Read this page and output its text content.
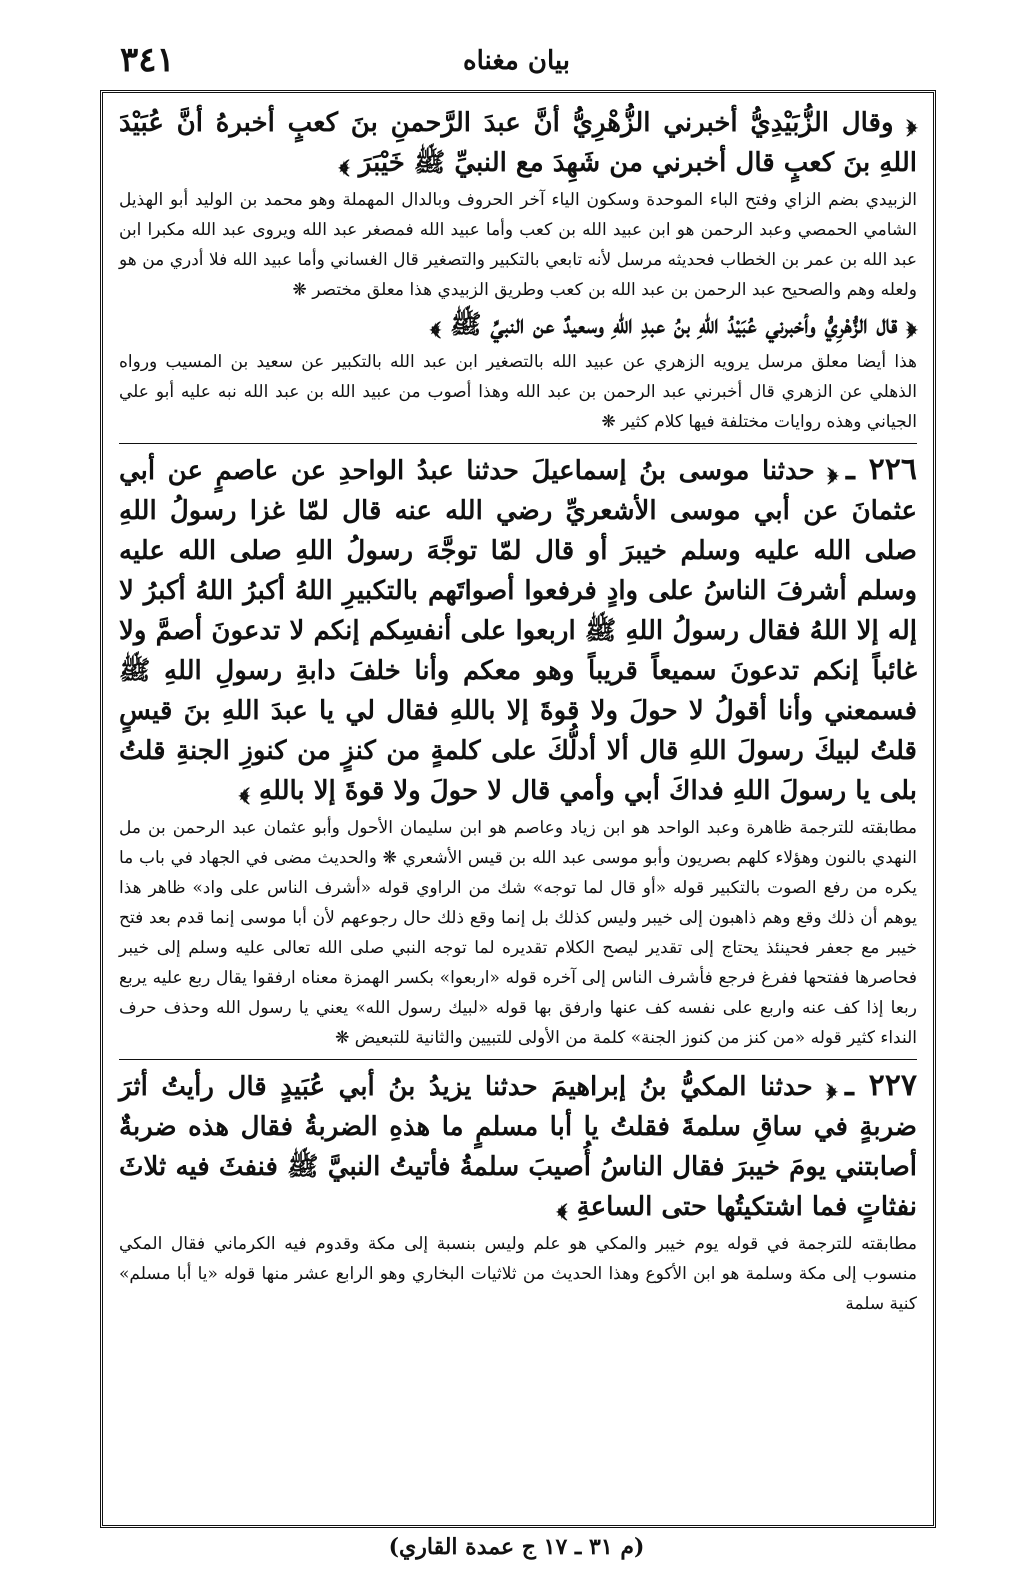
٣٤١	بيان مغناه

﴿ وقال الزُّبَيْدِيُّ أخبرني الزُّهْرِيُّ أنَّ عبدَ الرَّحمنِ بنَ كعبٍ أخبرهُ أنَّ عُبَيْدَ اللهِ بنَ كعبٍ قال أخبرني من شَهِدَ مع النبيِّ ﷺ خَيْبَرَ ﴾

الزبيدي بضم الزاي وفتح الباء الموحدة وسكون الياء آخر الحروف وبالدال المهملة وهو محمد بن الوليد أبو الهذيل الشامي الحمصي وعبد الرحمن هو ابن عبيد الله بن كعب وأما عبيد الله فمصغر عبد الله ويروى عبد الله مكبرا ابن عبد الله بن عمر بن الخطاب فحديثه مرسل لأنه تابعي بالتكبير والتصغير قال الغساني وأما عبيد الله فلا أدري من هو ولعله وهم والصحيح عبد الرحمن بن عبد الله بن كعب وطريق الزبيدي هذا معلق مختصر ❋

﴿ قال الزُّهْرِيُّ وأخبرني عُبَيْدُ اللهِ بنُ عبدِ اللهِ وسعيدٌ عن النبيِّ ﷺ ﴾

هذا أيضا معلق مرسل يرويه الزهري عن عبيد الله بالتصغير ابن عبد الله بالتكبير عن سعيد بن المسيب ورواه الذهلي عن الزهري قال أخبرني عبد الرحمن بن عبد الله وهذا أصوب من عبيد الله بن عبد الله نبه عليه أبو علي الجياني وهذه روايات مختلفة فيها كلام كثير ❋

٢٢٦ ـ﴿ حدثنا موسى بنُ إسماعيلَ حدثنا عبدُ الواحدِ عن عاصمٍ عن أبي عثمانَ عن أبي موسى الأشعريِّ رضي الله عنه قال لمّا غزا رسولُ اللهِ صلى الله عليه وسلم خيبرَ أو قال لمّا توجَّهَ رسولُ اللهِ صلى الله عليه وسلم أشرفَ الناسُ على وادٍ فرفعوا أصواتَهم بالتكبيرِ اللهُ أكبرُ اللهُ أكبرُ لا إله إلا اللهُ فقال رسولُ اللهِ ﷺ اربعوا على أنفسِكم إنكم لا تدعونَ أصمَّ ولا غائباً إنكم تدعونَ سميعاً قريباً وهو معكم وأنا خلفَ دابةِ رسولِ اللهِ ﷺ فسمعني وأنا أقولُ لا حولَ ولا قوةَ إلا باللهِ فقال لي يا عبدَ اللهِ بنَ قيسٍ قلتُ لبيكَ رسولَ اللهِ قال ألا أدلُّكَ على كلمةٍ من كنزٍ من كنوزِ الجنةِ قلتُ بلى يا رسولَ اللهِ فداكَ أبي وأمي قال لا حولَ ولا قوةَ إلا باللهِ ﴾

مطابقته للترجمة ظاهرة وعبد الواحد هو ابن زياد وعاصم هو ابن سليمان الأحول وأبو عثمان عبد الرحمن بن مل النهدي بالنون وهؤلاء كلهم بصريون وأبو موسى عبد الله بن قيس الأشعري ❋ والحديث مضى في الجهاد في باب ما يكره من رفع الصوت بالتكبير قوله «أو قال لما توجه» شك من الراوي قوله «أشرف الناس على واد» ظاهر هذا يوهم أن ذلك وقع وهم ذاهبون إلى خيبر وليس كذلك بل إنما وقع ذلك حال رجوعهم لأن أبا موسى إنما قدم بعد فتح خيبر مع جعفر فحينئذ يحتاج إلى تقدير ليصح الكلام تقديره لما توجه النبي صلى الله تعالى عليه وسلم إلى خيبر فحاصرها ففتحها ففرغ فرجع فأشرف الناس إلى آخره قوله «اربعوا» بكسر الهمزة معناه ارفقوا يقال ربع عليه يربع ربعا إذا كف عنه واربع على نفسه كف عنها وارفق بها قوله «لبيك رسول الله» يعني يا رسول الله وحذف حرف النداء كثير قوله «من كنز من كنوز الجنة» كلمة من الأولى للتبيين والثانية للتبعيض ❋

٢٢٧ ـ﴿ حدثنا المكيُّ بنُ إبراهيمَ حدثنا يزيدُ بنُ أبي عُبَيدٍ قال رأيتُ أثرَ ضربةٍ في ساقِ سلمةَ فقلتُ يا أبا مسلمٍ ما هذهِ الضربةُ فقال هذه ضربةٌ أصابتني يومَ خيبرَ فقال الناسُ أُصيبَ سلمةُ فأتيتُ النبيَّ ﷺ فنفثَ فيه ثلاثَ نفثاتٍ فما اشتكيتُها حتى الساعةِ ﴾

مطابقته للترجمة في قوله يوم خيبر والمكي هو علم وليس بنسبة إلى مكة وقدوم فيه الكرماني فقال المكي منسوب إلى مكة وسلمة هو ابن الأكوع وهذا الحديث من ثلاثيات البخاري وهو الرابع عشر منها قوله «يا أبا مسلم» كنية سلمة

(م ٣١ ـ ١٧ ج عمدة القاري)
